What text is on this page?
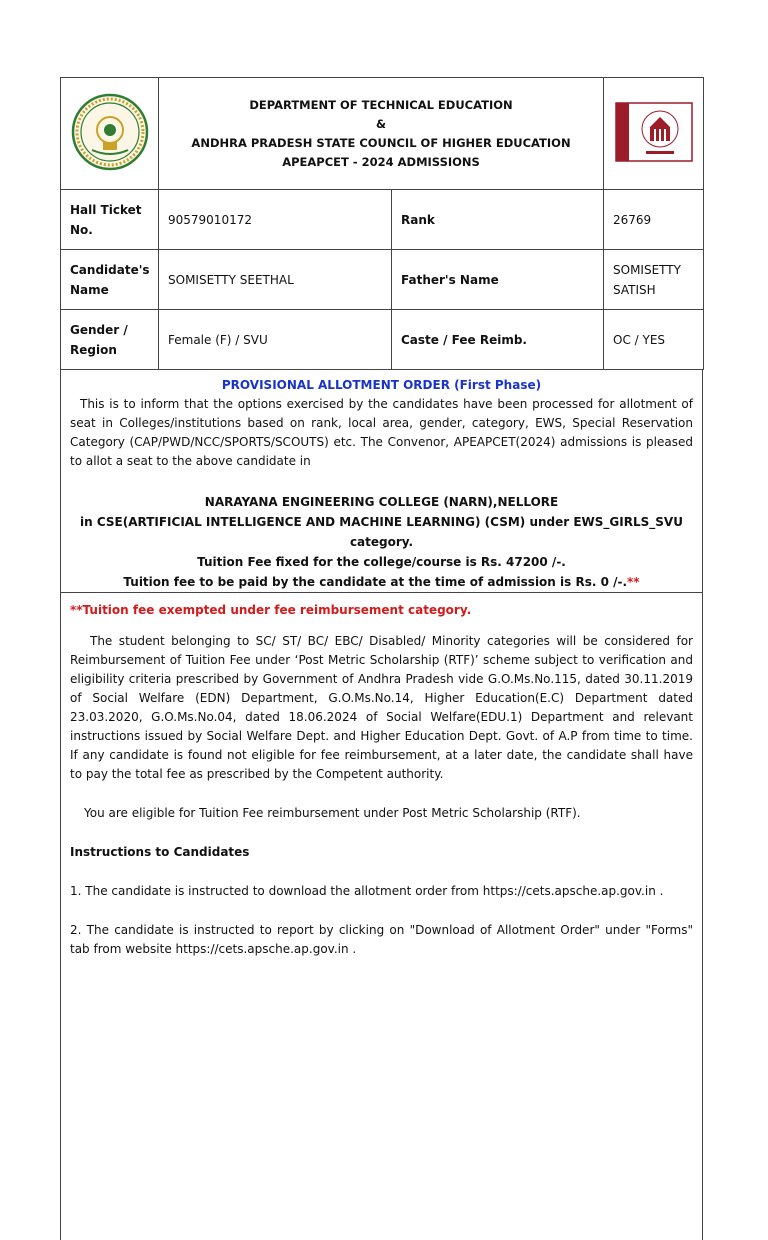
DEPARTMENT OF TECHNICAL EDUCATION
&
ANDHRA PRADESH STATE COUNCIL OF HIGHER EDUCATION
APEAPCET - 2024 ADMISSIONS

Hall Ticket No.	90579010172	Rank	26769
Candidate's Name	SOMISETTY SEETHAL	Father's Name	SOMISETTY SATISH
Gender / Region	Female (F) / SVU	Caste / Fee Reimb.	OC / YES
PROVISIONAL ALLOTMENT ORDER (First Phase)

This is to inform that the options exercised by the candidates have been processed for allotment of seat in Colleges/institutions based on rank, local area, gender, category, EWS, Special Reservation Category (CAP/PWD/NCC/SPORTS/SCOUTS) etc. The Convenor, APEAPCET(2024) admissions is pleased to allot a seat to the above candidate in

NARAYANA ENGINEERING COLLEGE (NARN),NELLORE
in CSE(ARTIFICIAL INTELLIGENCE AND MACHINE LEARNING) (CSM) under EWS_GIRLS_SVU category.
Tuition Fee fixed for the college/course is Rs. 47200 /-.
Tuition fee to be paid by the candidate at the time of admission is Rs. 0 /-.**

**Tuition fee exempted under fee reimbursement category.

The student belonging to SC/ ST/ BC/ EBC/ Disabled/ Minority categories will be considered for Reimbursement of Tuition Fee under ‘Post Metric Scholarship (RTF)’ scheme subject to verification and eligibility criteria prescribed by Government of Andhra Pradesh vide G.O.Ms.No.115, dated 30.11.2019 of Social Welfare (EDN) Department, G.O.Ms.No.14, Higher Education(E.C) Department dated 23.03.2020, G.O.Ms.No.04, dated 18.06.2024 of Social Welfare(EDU.1) Department and relevant instructions issued by Social Welfare Dept. and Higher Education Dept. Govt. of A.P from time to time. If any candidate is found not eligible for fee reimbursement, at a later date, the candidate shall have to pay the total fee as prescribed by the Competent authority.

You are eligible for Tuition Fee reimbursement under Post Metric Scholarship (RTF).

Instructions to Candidates

1. The candidate is instructed to download the allotment order from https://cets.apsche.ap.gov.in .

2. The candidate is instructed to report by clicking on "Download of Allotment Order" under "Forms" tab from website https://cets.apsche.ap.gov.in .
